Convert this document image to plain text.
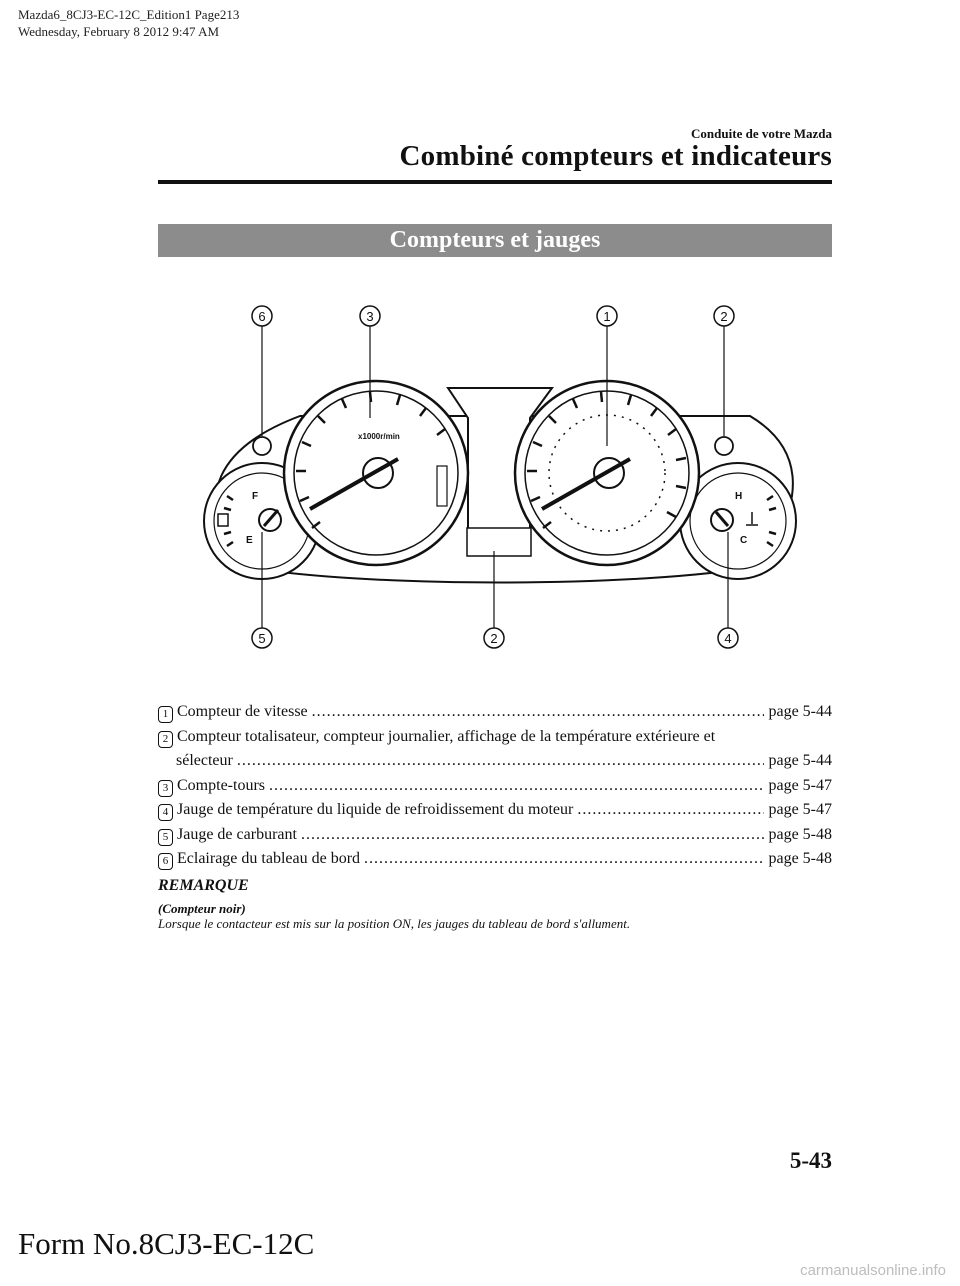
Mazda6_8CJ3-EC-12C_Edition1 Page213
Wednesday, February 8 2012 9:47 AM
Conduite de votre Mazda
Combiné compteurs et indicateurs
Compteurs et jauges
F
E
H
C
x1000r/min
6	3	1	2
5	2	4
1 Compteur de vitesse .....	page 5-44
2 Compteur totalisateur, compteur journalier, affichage de la température extérieure et
sélecteur .....	page 5-44
3 Compte-tours .....	page 5-47
4 Jauge de température du liquide de refroidissement du moteur .....	page 5-47
5 Jauge de carburant .....	page 5-48
6 Eclairage du tableau de bord .....	page 5-48
REMARQUE
(Compteur noir)
Lorsque le contacteur est mis sur la position ON, les jauges du tableau de bord s'allument.
5-43
Form No.8CJ3-EC-12C
carmanualsonline.info
